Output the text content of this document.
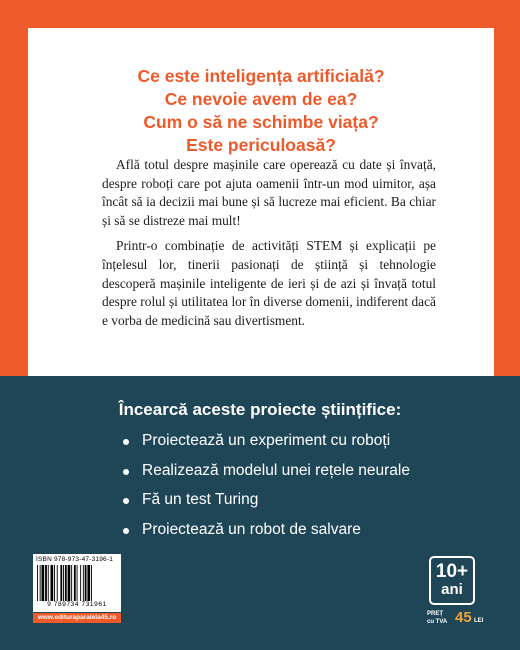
Ce este inteligența artificială?
Ce nevoie avem de ea?
Cum o să ne schimbe viața?
Este periculoasă?

Află totul despre mașinile care operează cu date și învață, despre roboți care pot ajuta oamenii într-un mod uimitor, așa încât să ia decizii mai bune și să lucreze mai eficient. Ba chiar și să se distreze mai mult!

Printr-o combinație de activități STEM și explicații pe înțelesul lor, tinerii pasionați de știință și tehnologie descoperă mașinile inteligente de ieri și de azi și învață totul despre rolul și utilitatea lor în diverse domenii, indiferent dacă e vorba de medicină sau divertisment.

Încearcă aceste proiecte științifice:
Proiectează un experiment cu roboți
Realizează modelul unei rețele neurale
Fă un test Turing
Proiectează un robot de salvare
ISBN 978-973-47-3196-1
9 789734 731961
www.edituraparalela45.ro
10+
ani
PREȚ
cu TVA 45 LEI
